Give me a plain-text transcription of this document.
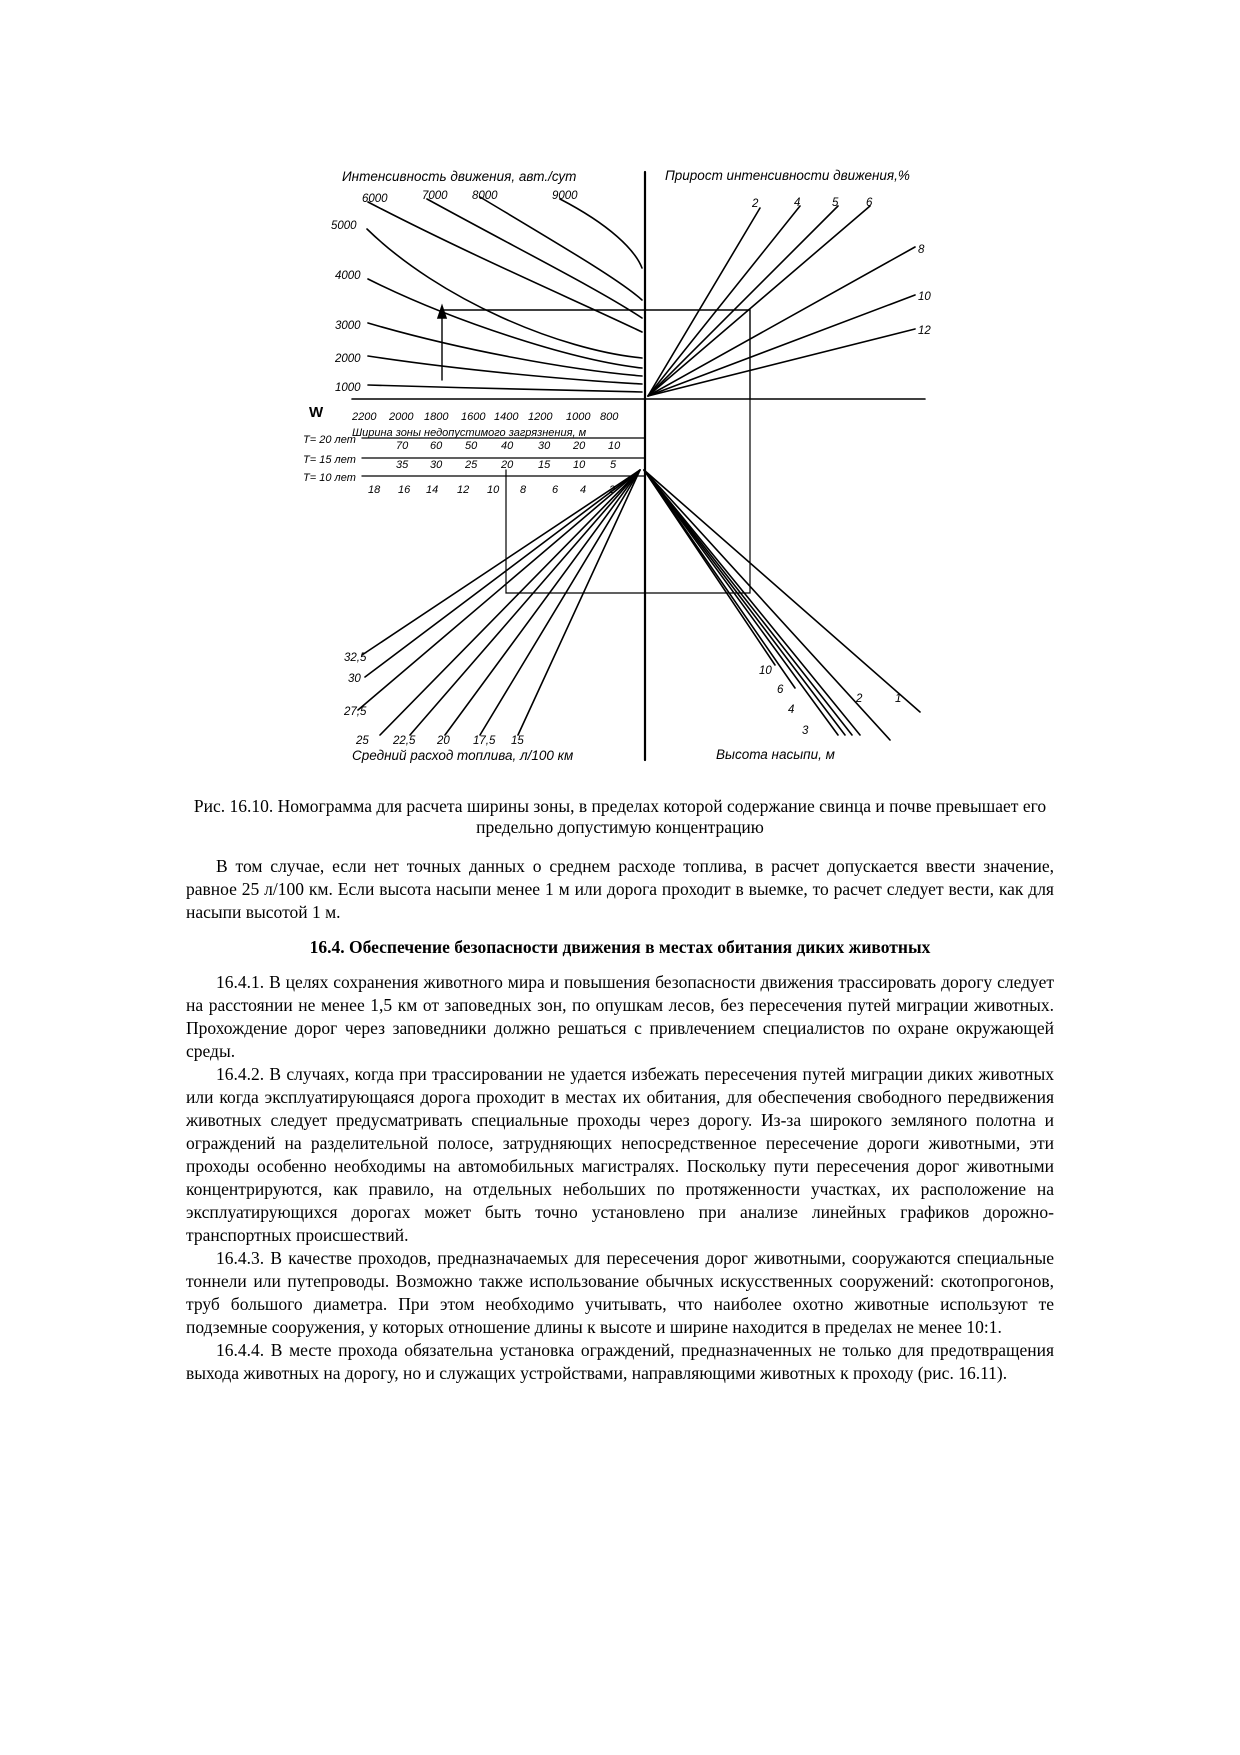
Интенсивность движения, авт./сут	Прирост интенсивности движения,%
6000	7000 8000	9000
5000
4000
3000
2000
1000
2	4	5 6
8
10
12
W	2200 2000 1800 1600 1400 1200 1000 800
Ширина зоны недопустимого загрязнения, м
T= 20 лет	70 60 50 40 30 20 10
T= 15 лет	35 30 25 20 15 10 5
T= 10 лет
18 16 14 12 10 8 6 4 2
32,5
30
27,5
25 22,5 20 17,5 15
Средний расход топлива, л/100 км
10
6
2	1
4
3
Высота насыпи, м

Рис. 16.10. Номограмма для расчета ширины зоны, в пределах которой содержание свинца и почве превышает его предельно допустимую концентрацию

В том случае, если нет точных данных о среднем расходе топлива, в расчет допускается ввести значение, равное 25 л/100 км. Если высота насыпи менее 1 м или дорога проходит в выемке, то расчет следует вести, как для насыпи высотой 1 м.

16.4. Обеспечение безопасности движения в местах обитания диких животных

16.4.1. В целях сохранения животного мира и повышения безопасности движения трассировать дорогу следует на расстоянии не менее 1,5 км от заповедных зон, по опушкам лесов, без пересечения путей миграции животных. Прохождение дорог через заповедники должно решаться с привлечением специалистов по охране окружающей среды.

16.4.2. В случаях, когда при трассировании не удается избежать пересечения путей миграции диких животных или когда эксплуатирующаяся дорога проходит в местах их обитания, для обеспечения свободного передвижения животных следует предусматривать специальные проходы через дорогу. Из-за широкого земляного полотна и ограждений на разделительной полосе, затрудняющих непосредственное пересечение дороги животными, эти проходы особенно необходимы на автомобильных магистралях. Поскольку пути пересечения дорог животными концентрируются, как правило, на отдельных небольших по протяженности участках, их расположение на эксплуатирующихся дорогах может быть точно установлено при анализе линейных графиков дорожно-транспортных происшествий.

16.4.3. В качестве проходов, предназначаемых для пересечения дорог животными, сооружаются специальные тоннели или путепроводы. Возможно также использование обычных искусственных сооружений: скотопрогонов, труб большого диаметра. При этом необходимо учитывать, что наиболее охотно животные используют те подземные сооружения, у которых отношение длины к высоте и ширине находится в пределах не менее 10:1.

16.4.4. В месте прохода обязательна установка ограждений, предназначенных не только для предотвращения выхода животных на дорогу, но и служащих устройствами, направляющими животных к проходу (рис. 16.11).
